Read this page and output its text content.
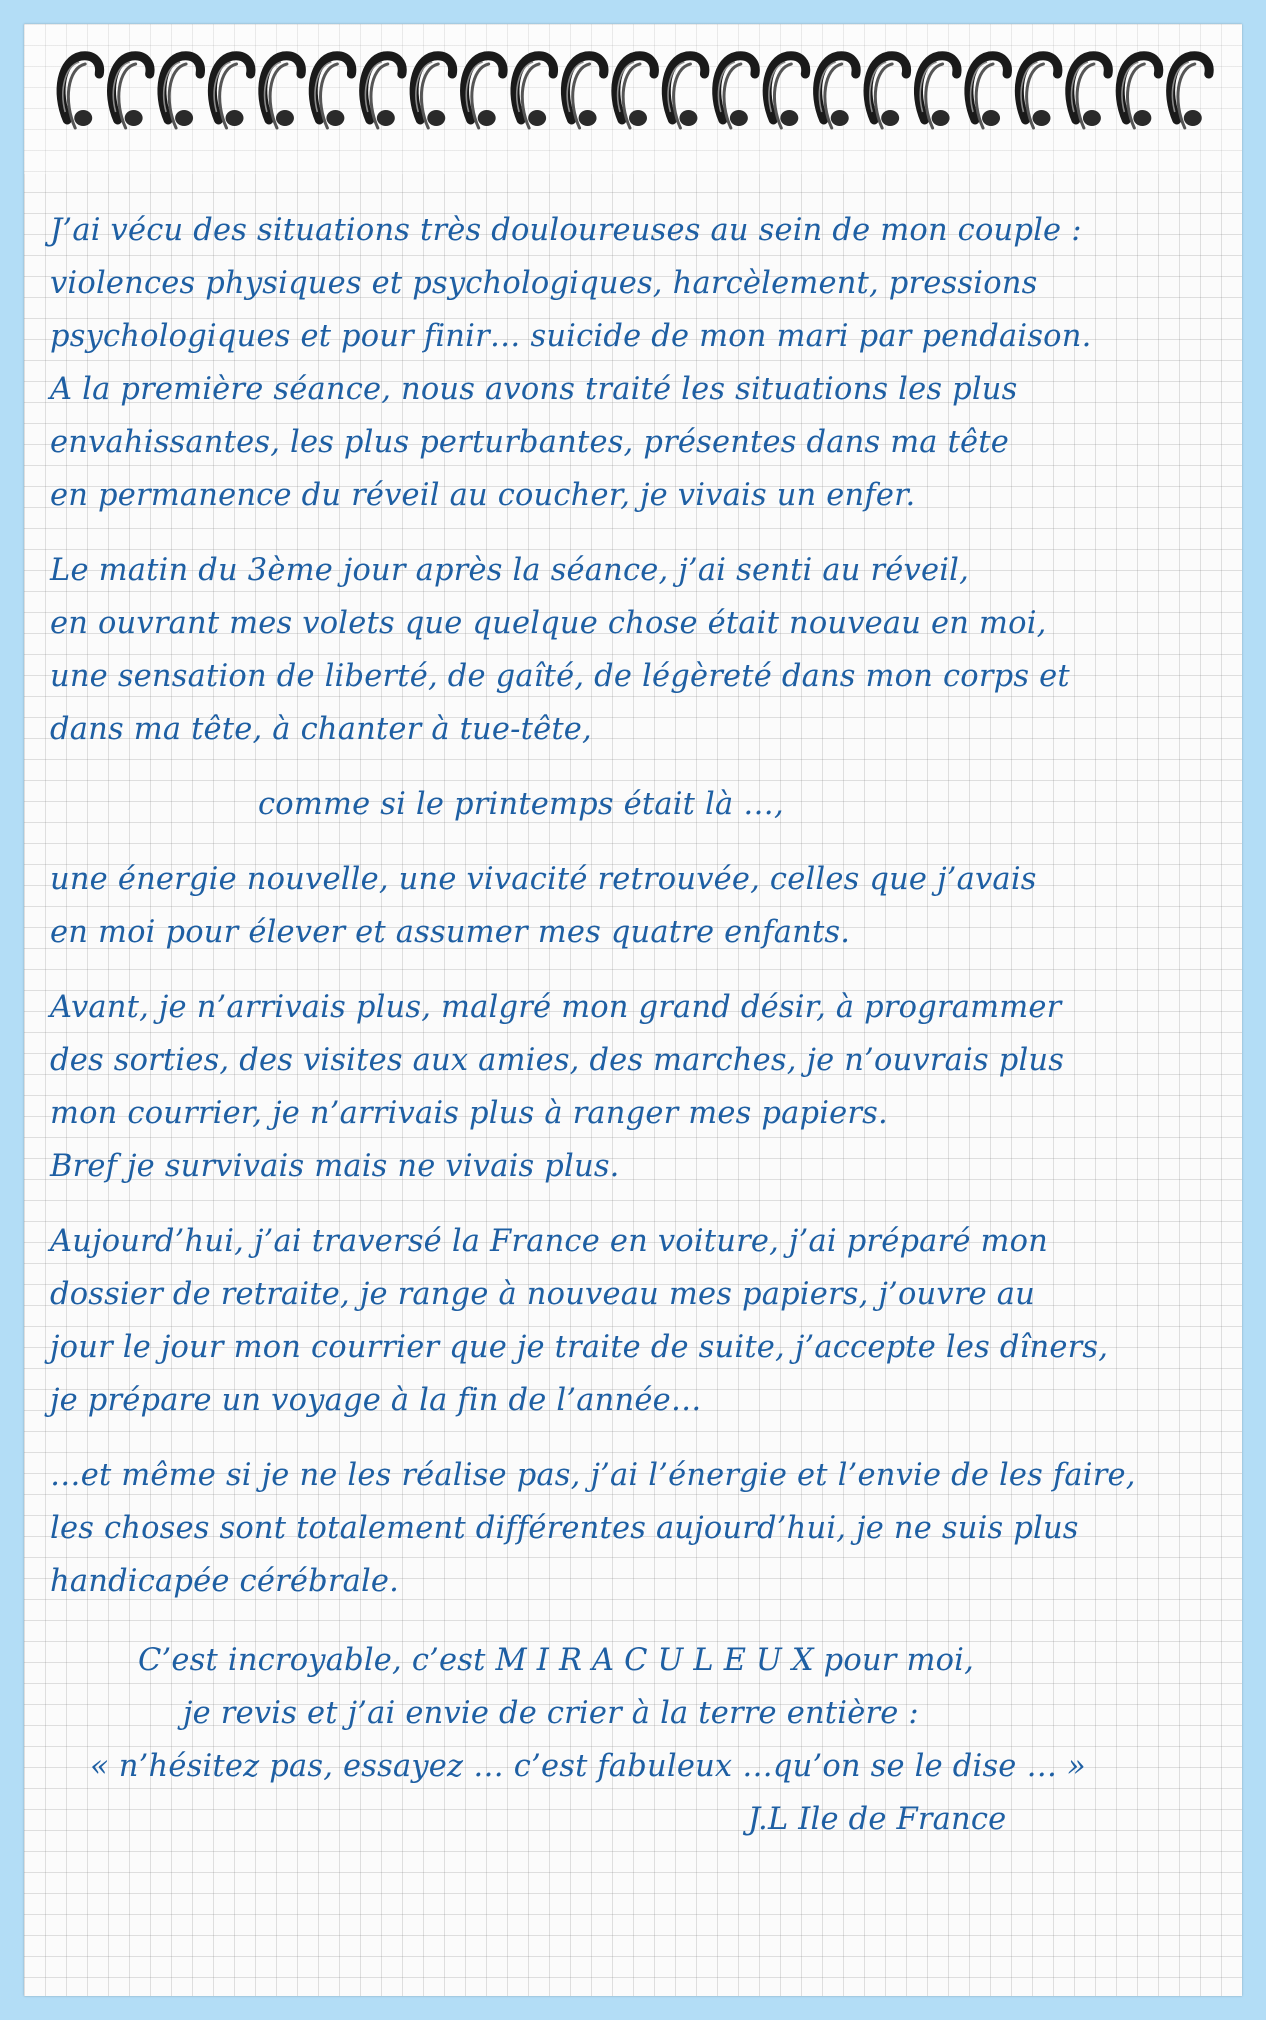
J’ai vécu des situations très douloureuses au sein de mon couple :

violences physiques et psychologiques, harcèlement, pressions

psychologiques et pour finir… suicide de mon mari par pendaison.

A la première séance, nous avons traité les situations les plus

envahissantes, les plus perturbantes, présentes dans ma tête

en permanence du réveil au coucher, je vivais un enfer.

Le matin du 3ème jour après la séance, j’ai senti au réveil,

en ouvrant mes volets que quelque chose était nouveau en moi,

une sensation de liberté, de gaîté, de légèreté dans mon corps et

dans ma tête, à chanter à tue-tête,

comme si le printemps était là …,

une énergie nouvelle, une vivacité retrouvée, celles que j’avais

en moi pour élever et assumer mes quatre enfants.

Avant, je n’arrivais plus, malgré mon grand désir, à programmer

des sorties, des visites aux amies, des marches, je n’ouvrais plus

mon courrier, je n’arrivais plus à ranger mes papiers.

Bref je survivais mais ne vivais plus.

Aujourd’hui, j’ai traversé la France en voiture, j’ai préparé mon

dossier de retraite, je range à nouveau mes papiers, j’ouvre au

jour le jour mon courrier que je traite de suite, j’accepte les dîners,

je prépare un voyage à la fin de l’année…

…et même si je ne les réalise pas, j’ai l’énergie et l’envie de les faire,

les choses sont totalement différentes aujourd’hui, je ne suis plus

handicapée cérébrale.

C’est incroyable, c’est M I R A C U L E U X pour moi,

je revis et j’ai envie de crier à la terre entière :

« n’hésitez pas, essayez … c’est fabuleux …qu’on se le dise … »

J.L Ile de France
